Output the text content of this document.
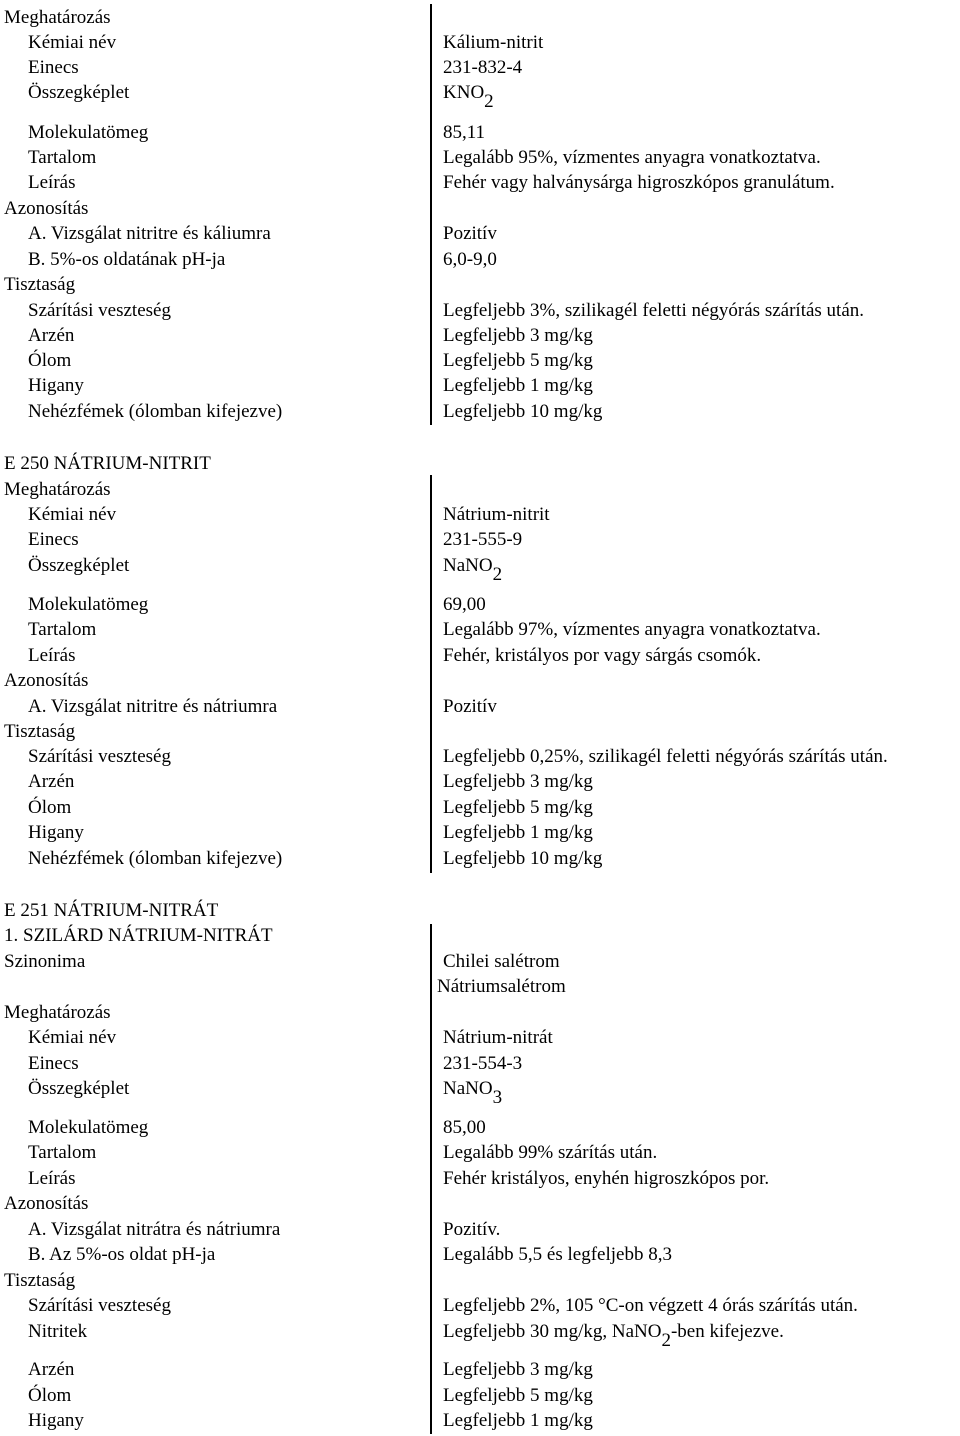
Meghatározás
Kémiai név	Kálium-nitrit
Einecs	231-832-4
Összegképlet	$KNO_2$
Molekulatömeg	85,11
Tartalom	Legalább 95%, vízmentes anyagra vonatkoztatva.
Leírás	Fehér vagy halványsárga higroszkópos granulátum.
Azonosítás
A. Vizsgálat nitritre és káliumra	Pozitív
B. 5%-os oldatának pH-ja	6,0-9,0
Tisztaság
Szárítási veszteség	Legfeljebb 3%, szilikagél feletti négyórás szárítás után.
Arzén	Legfeljebb 3 mg/kg
Ólom	Legfeljebb 5 mg/kg
Higany	Legfeljebb 1 mg/kg
Nehézfémek (ólomban kifejezve)	Legfeljebb 10 mg/kg
E 250 NÁTRIUM-NITRIT
Meghatározás
Kémiai név	Nátrium-nitrit
Einecs	231-555-9
Összegképlet	NaNO$_2$
Molekulatömeg	69,00
Tartalom	Legalább 97%, vízmentes anyagra vonatkoztatva.
Leírás	Fehér, kristályos por vagy sárgás csomók.
Azonosítás
A. Vizsgálat nitritre és nátriumra	Pozitív
Tisztaság
Szárítási veszteség	Legfeljebb 0,25%, szilikagél feletti négyórás szárítás után.
Arzén	Legfeljebb 3 mg/kg
Ólom	Legfeljebb 5 mg/kg
Higany	Legfeljebb 1 mg/kg
Nehézfémek (ólomban kifejezve)	Legfeljebb 10 mg/kg
E 251 NÁTRIUM-NITRÁT
1. SZILÁRD NÁTRIUM-NITRÁT
Szinonima	Chilei salétrom
Nátriumsalétrom
Meghatározás
Kémiai név	Nátrium-nitrát
Einecs	231-554-3
Összegképlet	NaNO$_3$
Molekulatömeg	85,00
Tartalom	Legalább 99% szárítás után.
Leírás	Fehér kristályos, enyhén higroszkópos por.
Azonosítás
A. Vizsgálat nitrátra és nátriumra	Pozitív.
B. Az 5%-os oldat pH-ja	Legalább 5,5 és legfeljebb 8,3
Tisztaság
Szárítási veszteség	Legfeljebb 2%, 105 °C-on végzett 4 órás szárítás után.
Nitritek	Legfeljebb 30 mg/kg, NaNO$_2$-ben kifejezve.
Arzén	Legfeljebb 3 mg/kg
Ólom	Legfeljebb 5 mg/kg
Higany	Legfeljebb 1 mg/kg
